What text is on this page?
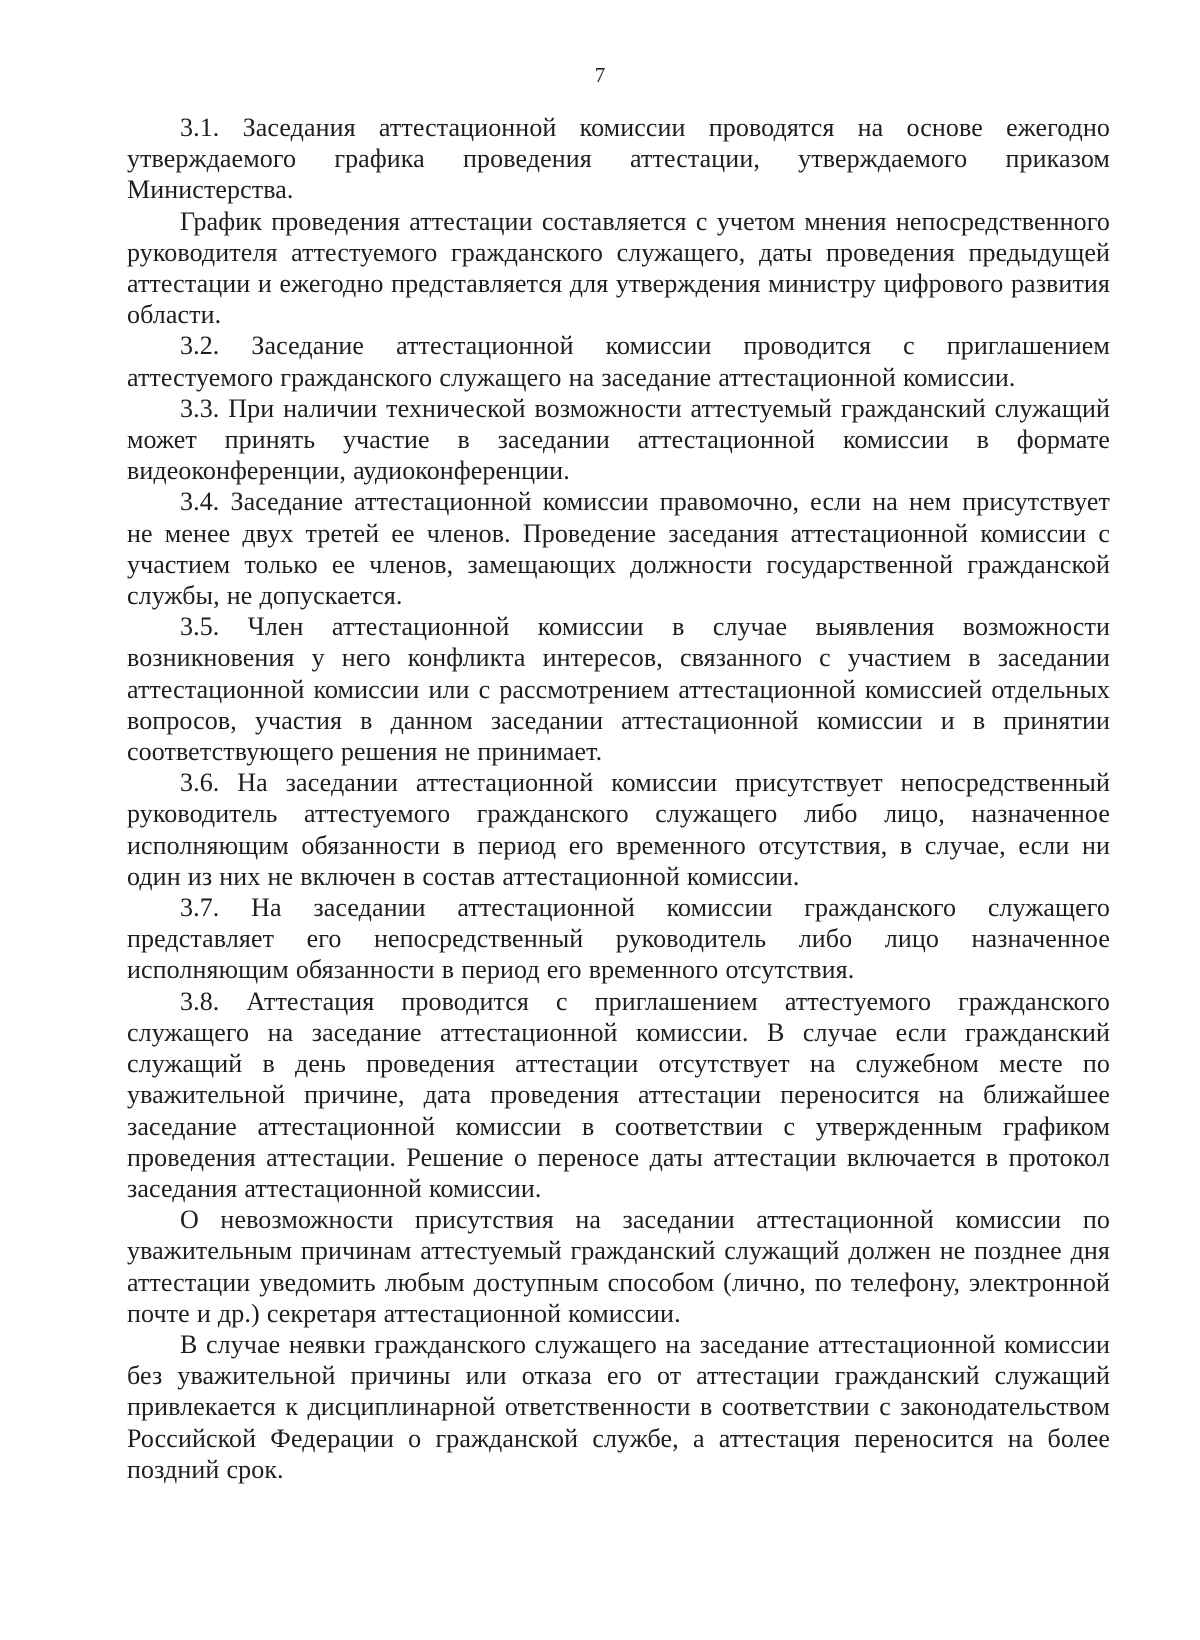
7

3.1. Заседания аттестационной комиссии проводятся на основе ежегодно утверждаемого графика проведения аттестации, утверждаемого приказом Министерства.

График проведения аттестации составляется с учетом мнения непосредственного руководителя аттестуемого гражданского служащего, даты проведения предыдущей аттестации и ежегодно представляется для утверждения министру цифрового развития области.

3.2. Заседание аттестационной комиссии проводится с приглашением аттестуемого гражданского служащего на заседание аттестационной комиссии.

3.3. При наличии технической возможности аттестуемый гражданский служащий может принять участие в заседании аттестационной комиссии в формате видеоконференции, аудиоконференции.

3.4. Заседание аттестационной комиссии правомочно, если на нем присутствует не менее двух третей ее членов. Проведение заседания аттестационной комиссии с участием только ее членов, замещающих должности государственной гражданской службы, не допускается.

3.5. Член аттестационной комиссии в случае выявления возможности возникновения у него конфликта интересов, связанного с участием в заседании аттестационной комиссии или с рассмотрением аттестационной комиссией отдельных вопросов, участия в данном заседании аттестационной комиссии и в принятии соответствующего решения не принимает.

3.6. На заседании аттестационной комиссии присутствует непосредственный руководитель аттестуемого гражданского служащего либо лицо, назначенное исполняющим обязанности в период его временного отсутствия, в случае, если ни один из них не включен в состав аттестационной комиссии.

3.7. На заседании аттестационной комиссии гражданского служащего представляет его непосредственный руководитель либо лицо назначенное исполняющим обязанности в период его временного отсутствия.

3.8. Аттестация проводится с приглашением аттестуемого гражданского служащего на заседание аттестационной комиссии. В случае если гражданский служащий в день проведения аттестации отсутствует на служебном месте по уважительной причине, дата проведения аттестации переносится на ближайшее заседание аттестационной комиссии в соответствии с утвержденным графиком проведения аттестации. Решение о переносе даты аттестации включается в протокол заседания аттестационной комиссии.

О невозможности присутствия на заседании аттестационной комиссии по уважительным причинам аттестуемый гражданский служащий должен не позднее дня аттестации уведомить любым доступным способом (лично, по телефону, электронной почте и др.) секретаря аттестационной комиссии.

В случае неявки гражданского служащего на заседание аттестационной комиссии без уважительной причины или отказа его от аттестации гражданский служащий привлекается к дисциплинарной ответственности в соответствии с законодательством Российской Федерации о гражданской службе, а аттестация переносится на более поздний срок.
